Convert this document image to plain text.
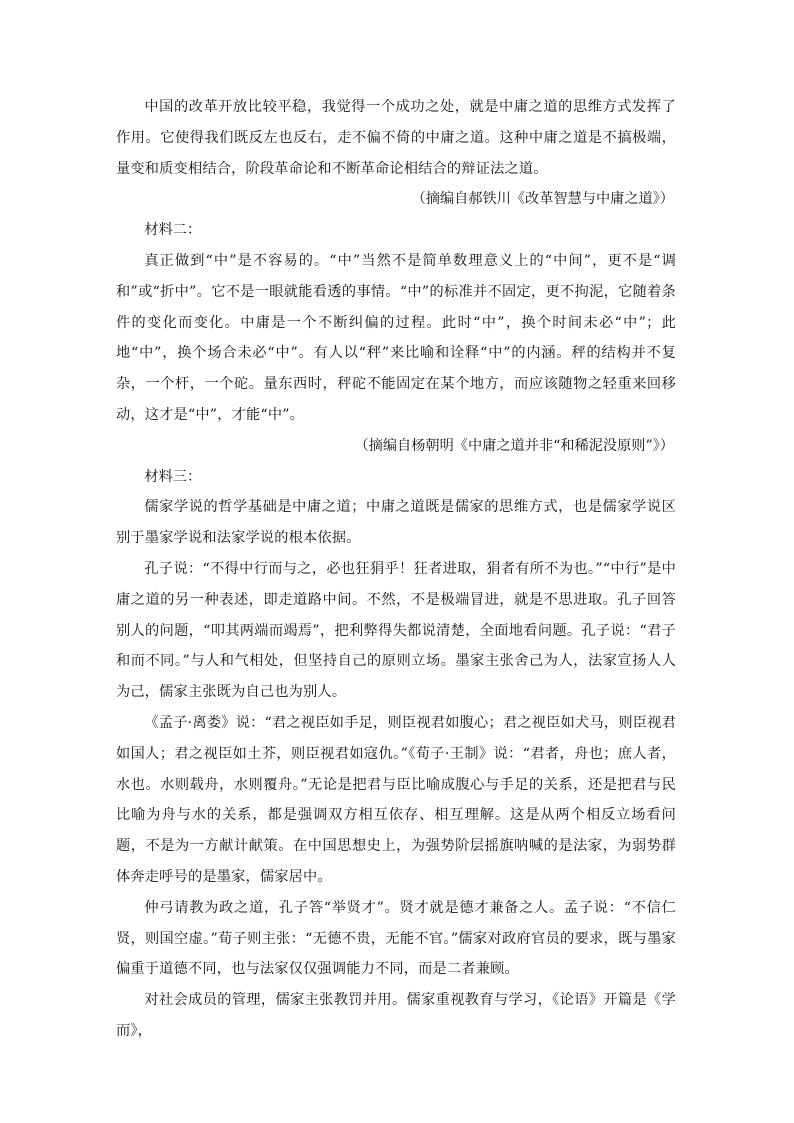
中国的改革开放比较平稳，我觉得一个成功之处，就是中庸之道的思维方式发挥了作用。它使得我们既反左也反右，走不偏不倚的中庸之道。这种中庸之道是不搞极端，量变和质变相结合，阶段革命论和不断革命论相结合的辩证法之道。

（摘编自郝铁川《改革智慧与中庸之道》）

材料二：

真正做到“中”是不容易的。“中”当然不是简单数理意义上的“中间”，更不是“调和”或“折中”。它不是一眼就能看透的事情。“中”的标准并不固定，更不拘泥，它随着条件的变化而变化。中庸是一个不断纠偏的过程。此时“中”，换个时间未必“中”；此地“中”，换个场合未必“中”。有人以“秤”来比喻和诠释“中”的内涵。秤的结构并不复杂，一个杆，一个砣。量东西时，秤砣不能固定在某个地方，而应该随物之轻重来回移动，这才是“中”，才能“中”。

（摘编自杨朝明《中庸之道并非“和稀泥没原则”》）

材料三：

儒家学说的哲学基础是中庸之道；中庸之道既是儒家的思维方式，也是儒家学说区别于墨家学说和法家学说的根本依据。

孔子说：“不得中行而与之，必也狂狷乎！狂者进取，狷者有所不为也。”“中行”是中庸之道的另一种表述，即走道路中间。不然，不是极端冒进，就是不思进取。孔子回答别人的问题，“叩其两端而竭焉”，把利弊得失都说清楚，全面地看问题。孔子说：“君子和而不同。”与人和气相处，但坚持自己的原则立场。墨家主张舍己为人，法家宣扬人人为己，儒家主张既为自己也为别人。

《孟子·离娄》说：“君之视臣如手足，则臣视君如腹心；君之视臣如犬马，则臣视君如国人；君之视臣如土芥，则臣视君如寇仇。”《荀子·王制》说：“君者，舟也；庶人者，水也。水则载舟，水则覆舟。”无论是把君与臣比喻成腹心与手足的关系，还是把君与民比喻为舟与水的关系，都是强调双方相互依存、相互理解。这是从两个相反立场看问题，不是为一方献计献策。在中国思想史上，为强势阶层摇旗呐喊的是法家，为弱势群体奔走呼号的是墨家，儒家居中。

仲弓请教为政之道，孔子答“举贤才”。贤才就是德才兼备之人。孟子说：“不信仁贤，则国空虚。”荀子则主张：“无德不贵，无能不官。”儒家对政府官员的要求，既与墨家偏重于道德不同，也与法家仅仅强调能力不同，而是二者兼顾。

对社会成员的管理，儒家主张教罚并用。儒家重视教育与学习，《论语》开篇是《学而》，
